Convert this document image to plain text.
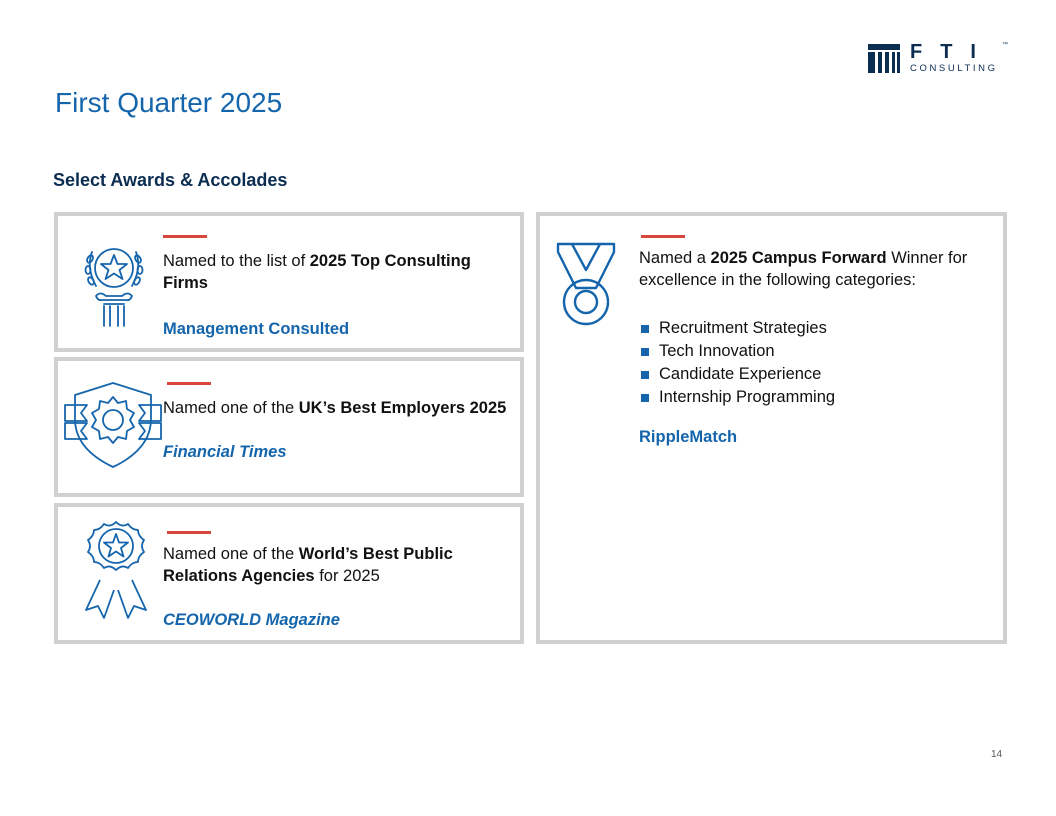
FTI	™
CONSULTING
First Quarter 2025
Select Awards & Accolades

Named to the list of 2025 Top Consulting Firms

Management Consulted

Named one of the UK’s Best Employers 2025

Financial Times

Named one of the World’s Best Public Relations Agencies for 2025

CEOWORLD Magazine

Named a 2025 Campus Forward Winner for excellence in the following categories:

Recruitment Strategies
Tech Innovation
Candidate Experience
Internship Programming

RippleMatch

14
